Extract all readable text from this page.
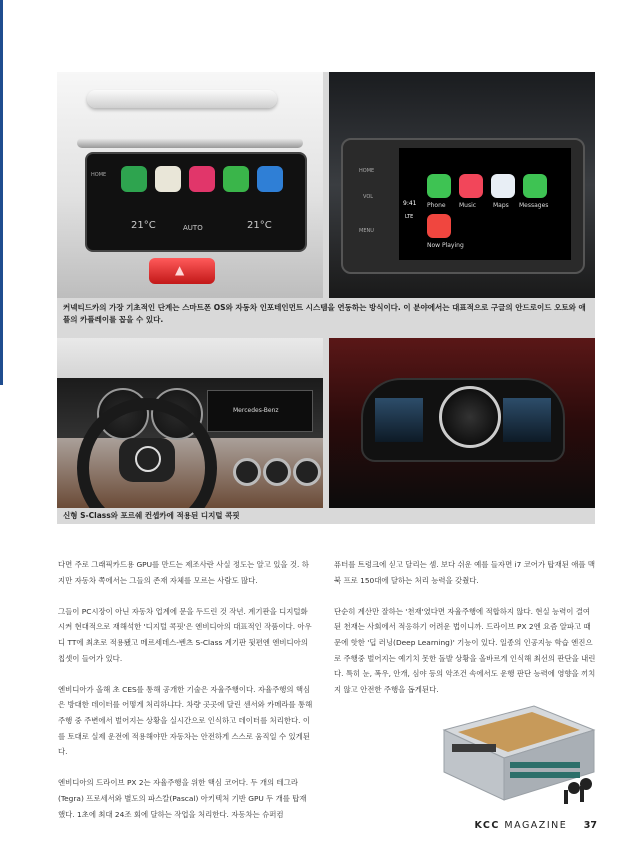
HOME
21°C	AUTO	21°C
▲
HOME
VOL
MENU
9:41
LTE
Phone Music	Maps Messages
Now Playing
커넥티드카의 가장 기초적인 단계는 스마트폰 OS와 자동차 인포테인먼트 시스템을 연동하는 방식이다. 이 분야에서는 대표적으로 구글의 안드로이드 오토와 애플의 카플레이를 꼽을 수 있다.
Mercedes-Benz
신형 S-Class와 포르쉐 컨셉카에 적용된 디지털 콕핏

다면 주로 그래픽카드용 GPU를 만드는 제조사란 사실 정도는 알고 있을 것. 하지만 자동차 쪽에서는 그들의 존재 자체를 모르는 사람도 많다.

그들이 PC시장이 아닌 자동차 업계에 문을 두드린 것 작년. 계기판을 디지털화 시켜 현대적으로 재해석한 '디지털 콕핏'은 엔비디아의 대표적인 작품이다. 아우디 TT에 최초로 적용됐고 메르세데스-벤츠 S-Class 계기판 뒷편엔 엔비디아의 칩셋이 들어가 있다.

엔비디아가 올해 초 CES를 통해 공개한 기술은 자율주행이다. 자율주행의 핵심은 방대한 데이터를 어떻게 처리하냐다. 차량 곳곳에 달린 센서와 카메라를 통해 주행 중 주변에서 벌어지는 상황을 실시간으로 인식하고 데이터를 처리한다. 이를 토대로 실제 운전에 적용해야만 자동차는 안전하게 스스로 움직일 수 있게된다.

엔비디아의 드라이브 PX 2는 자율주행을 위한 핵심 코어다. 두 개의 테그라(Tegra) 프로세서와 별도의 파스칼(Pascal) 아키텍처 기반 GPU 두 개를 탑재했다. 1초에 최대 24조 회에 달하는 작업을 처리한다. 자동차는 슈퍼컴

퓨터를 트렁크에 싣고 달리는 셈. 보다 쉬운 예를 들자면 i7 코어가 탑재된 애플 맥북 프로 150대에 달하는 처리 능력을 갖췄다.

단순히 계산만 잘하는 '천재'였다면 자율주행에 적합하지 않다. 현실 능력이 결여된 천재는 사회에서 적응하기 어려운 법이니까. 드라이브 PX 2엔 요즘 알파고 때문에 핫한 '딥 러닝(Deep Learning)' 기능이 있다. 일종의 인공지능 학습 엔진으로 주행중 벌어지는 예기치 못한 돌발 상황을 올바르게 인식해 최선의 판단을 내린다. 특히 눈, 폭우, 안개, 심야 등의 악조건 속에서도 운행 판단 능력에 영향을 끼치지 않고 안전한 주행을 돕게된다.

KCC MAGAZINE 37
